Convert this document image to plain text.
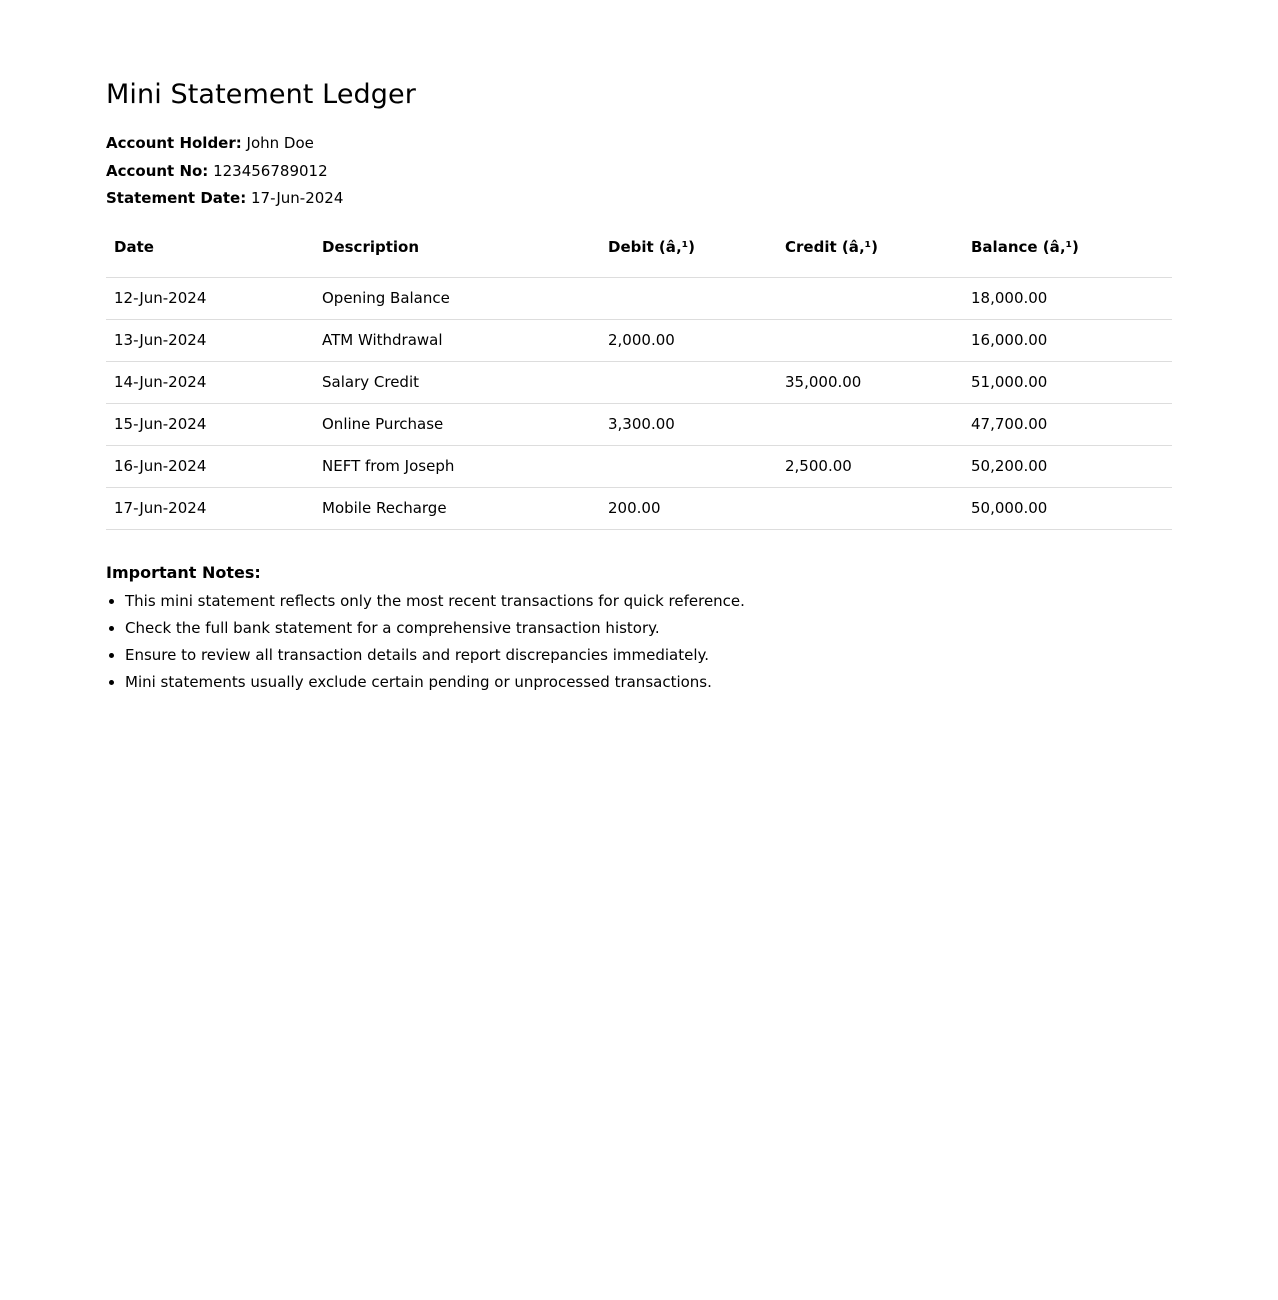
Mini Statement Ledger
Account Holder: John Doe
Account No: 123456789012
Statement Date: 17-Jun-2024
Date	Description	Debit (â‚¹)	Credit (â‚¹)	Balance (â‚¹)
12-Jun-2024	Opening Balance			18,000.00
13-Jun-2024	ATM Withdrawal	2,000.00		16,000.00
14-Jun-2024	Salary Credit		35,000.00	51,000.00
15-Jun-2024	Online Purchase	3,300.00		47,700.00
16-Jun-2024	NEFT from Joseph		2,500.00	50,200.00
17-Jun-2024	Mobile Recharge	200.00		50,000.00
Important Notes:
• This mini statement reflects only the most recent transactions for quick reference.
• Check the full bank statement for a comprehensive transaction history.
• Ensure to review all transaction details and report discrepancies immediately.
• Mini statements usually exclude certain pending or unprocessed transactions.
